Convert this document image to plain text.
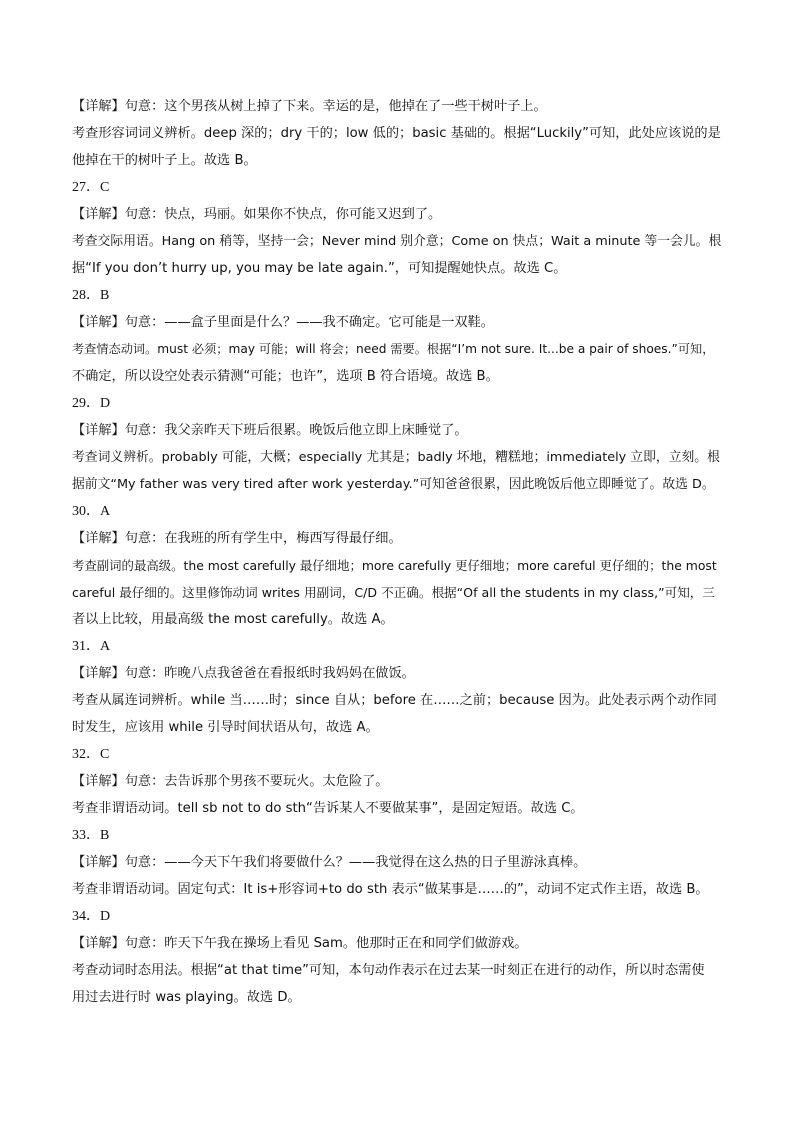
【详解】句意：这个男孩从树上掉了下来。幸运的是，他掉在了一些干树叶子上。
考查形容词词义辨析。deep 深的；dry 干的；low 低的；basic 基础的。根据“Luckily”可知，此处应该说的是
他掉在干的树叶子上。故选 B。
27．C
【详解】句意：快点，玛丽。如果你不快点，你可能又迟到了。
考查交际用语。Hang on 稍等，坚持一会；Never mind 别介意；Come on 快点；Wait a minute 等一会儿。根
据“If you don’t hurry up, you may be late again.”，可知提醒她快点。故选 C。
28．B
【详解】句意：——盒子里面是什么？——我不确定。它可能是一双鞋。
考查情态动词。must 必须；may 可能；will 将会；need 需要。根据“I’m not sure. It...be a pair of shoes.”可知，
不确定，所以设空处表示猜测“可能；也许”，选项 B 符合语境。故选 B。
29．D
【详解】句意：我父亲昨天下班后很累。晚饭后他立即上床睡觉了。
考查词义辨析。probably 可能，大概；especially 尤其是；badly 坏地，糟糕地；immediately 立即，立刻。根
据前文“My father was very tired after work yesterday.”可知爸爸很累，因此晚饭后他立即睡觉了。故选 D。
30．A
【详解】句意：在我班的所有学生中，梅西写得最仔细。
考查副词的最高级。the most carefully 最仔细地；more carefully 更仔细地；more careful 更仔细的；the most
careful 最仔细的。这里修饰动词 writes 用副词，C/D 不正确。根据“Of all the students in my class,”可知，三
者以上比较，用最高级 the most carefully。故选 A。
31．A
【详解】句意：昨晚八点我爸爸在看报纸时我妈妈在做饭。
考查从属连词辨析。while 当……时；since 自从；before 在……之前；because 因为。此处表示两个动作同
时发生，应该用 while 引导时间状语从句，故选 A。
32．C
【详解】句意：去告诉那个男孩不要玩火。太危险了。
考查非谓语动词。tell sb not to do sth“告诉某人不要做某事”，是固定短语。故选 C。
33．B
【详解】句意：——今天下午我们将要做什么？——我觉得在这么热的日子里游泳真棒。
考查非谓语动词。固定句式：It is+形容词+to do sth 表示“做某事是……的”，动词不定式作主语，故选 B。
34．D
【详解】句意：昨天下午我在操场上看见 Sam。他那时正在和同学们做游戏。
考查动词时态用法。根据“at that time”可知，本句动作表示在过去某一时刻正在进行的动作，所以时态需使
用过去进行时 was playing。故选 D。
